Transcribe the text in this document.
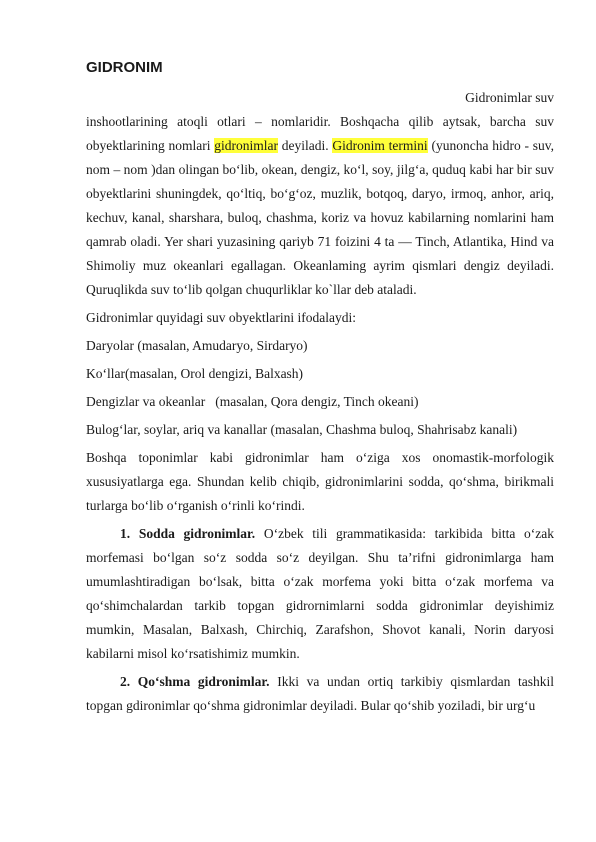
GIDRONIM

Gidronimlar suv

inshootlarining atoqli otlari – nomlaridir. Boshqacha qilib aytsak, barcha suv obyektlarining nomlari gidronimlar deyiladi. Gidronim termini (yunoncha hidro - suv, nom – nom )dan olingan bo‘lib, okean, dengiz, ko‘l, soy, jilg‘a, quduq kabi har bir suv obyektlarini shuningdek, qo‘ltiq, bo‘g‘oz, muzlik, botqoq, daryo, irmoq, anhor, ariq, kechuv, kanal, sharshara, buloq, chashma, koriz va hovuz kabilarning nomlarini ham qamrab oladi. Yer shari yuzasining qariyb 71 foizini 4 ta — Tinch, Atlantika, Hind va Shimoliy muz okeanlari egallagan. Okeanlaming ayrim qismlari dengiz deyiladi. Quruqlikda suv to‘lib qolgan chuqurliklar ko`llar deb ataladi.

Gidronimlar quyidagi suv obyektlarini ifodalaydi:

Daryolar (masalan, Amudaryo, Sirdaryo)

Ko‘llar(masalan, Orol dengizi, Balxash)

Dengizlar va okeanlar   (masalan, Qora dengiz, Tinch okeani)

Bulog‘lar, soylar, ariq va kanallar (masalan, Chashma buloq, Shahrisabz kanali)

Boshqa toponimlar kabi gidronimlar ham o‘ziga xos onomastik-morfologik xususiyatlarga ega. Shundan kelib chiqib, gidronimlarini sodda, qo‘shma, birikmali turlarga bo‘lib o‘rganish o‘rinli ko‘rindi.

1. Sodda gidronimlar. O‘zbek tili grammatikasida: tarkibida bitta o‘zak morfemasi bo‘lgan so‘z sodda so‘z deyilgan. Shu ta’rifni gidronimlarga ham umumlashtiradigan bo‘lsak, bitta o‘zak morfema yoki bitta o‘zak morfema va qo‘shimchalardan tarkib topgan gidrornimlarni sodda gidronimlar deyishimiz mumkin, Masalan, Balxash, Chirchiq, Zarafshon, Shovot kanali, Norin daryosi kabilarni misol ko‘rsatishimiz mumkin.

2. Qo‘shma gidronimlar. Ikki va undan ortiq tarkibiy qismlardan tashkil topgan gdironimlar qo‘shma gidronimlar deyiladi. Bular qo‘shib yoziladi, bir urg‘u
